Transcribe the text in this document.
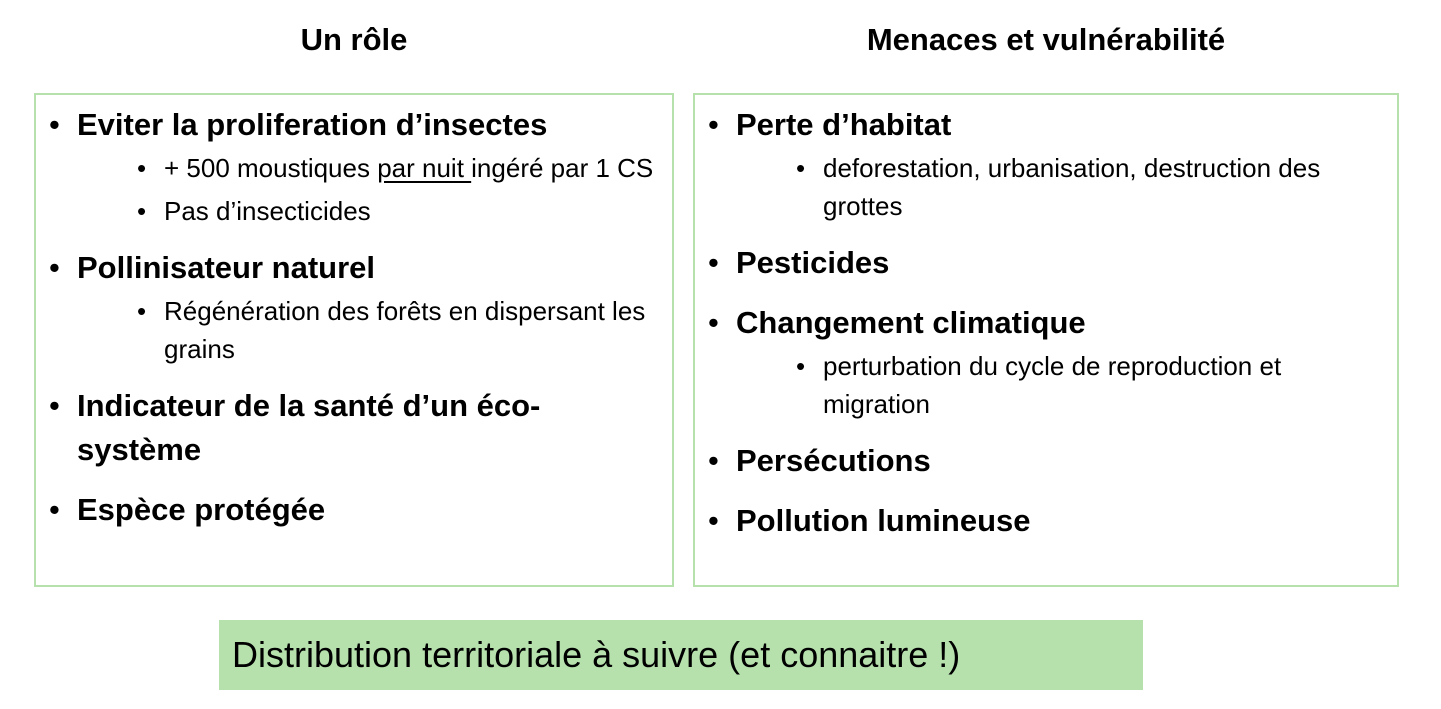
Un rôle	Menaces et vulnérabilité
• Eviter la proliferation d’insectes
• + 500 moustiques par nuit ingéré par 1 CS
• Pas d’insecticides
• Pollinisateur naturel
• Régénération des forêts en dispersant les grains
• Indicateur de la santé d’un éco-système
• Espèce protégée
• Perte d’habitat
• deforestation, urbanisation, destruction des grottes
• Pesticides
• Changement climatique
• perturbation du cycle de reproduction et migration
• Persécutions
• Pollution lumineuse
Distribution territoriale à suivre (et connaitre !)
